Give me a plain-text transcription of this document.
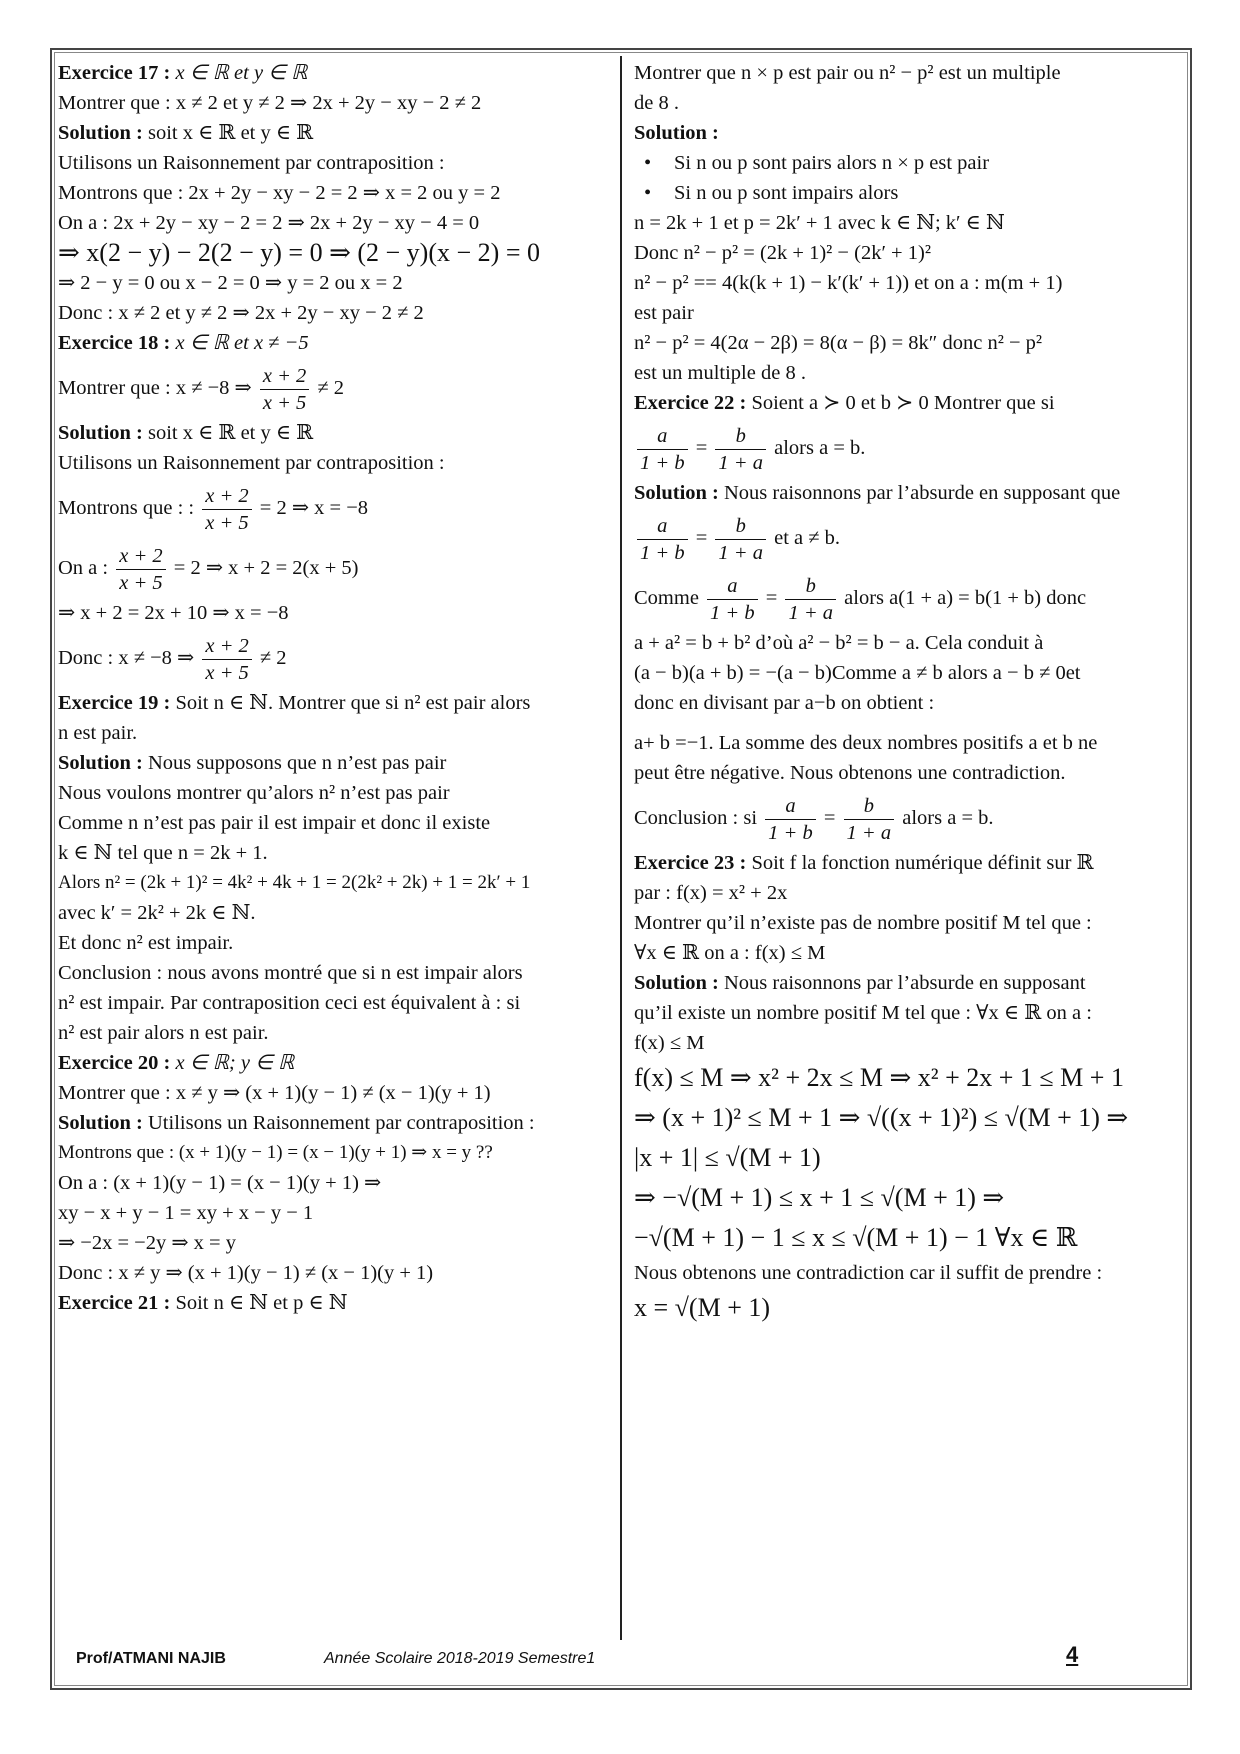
Exercice 17 : x ∈ ℝ et y ∈ ℝ
Montrer que : x ≠ 2 et y ≠ 2 ⇒ 2x + 2y − xy − 2 ≠ 2
Solution : soit x ∈ ℝ et y ∈ ℝ
Utilisons un Raisonnement par contraposition :
Montrons que : 2x + 2y − xy − 2 = 2 ⇒ x = 2 ou y = 2
On a : 2x + 2y − xy − 2 = 2 ⇒ 2x + 2y − xy − 4 = 0
⇒ x(2 − y) − 2(2 − y) = 0 ⇒ (2 − y)(x − 2) = 0
⇒ 2 − y = 0 ou x − 2 = 0 ⇒ y = 2 ou x = 2
Donc : x ≠ 2 et y ≠ 2 ⇒ 2x + 2y − xy − 2 ≠ 2
Exercice 18 : x ∈ ℝ et x ≠ −5
Montrer que : x ≠ −8 ⇒ $\frac{x + 2}{x + 5} \ne 2$
Solution : soit x ∈ ℝ et y ∈ ℝ
Utilisons un Raisonnement par contraposition :
Montrons que : : $\frac{x + 2}{x + 5} = 2$ ⇒ x = −8
On a : $\frac{x + 2}{x + 5} = 2$ ⇒ x + 2 = 2(x + 5)
⇒ x + 2 = 2x + 10 ⇒ x = −8
Donc : x ≠ −8 ⇒ $\frac{x + 2}{x + 5} \ne 2$
Exercice 19 : Soit n ∈ ℕ. Montrer que si n² est pair alors
n est pair.
Solution : Nous supposons que n n’est pas pair
Nous voulons montrer qu’alors n² n’est pas pair
Comme n n’est pas pair il est impair et donc il existe
k ∈ ℕ tel que n = 2k + 1.
Alors n² = (2k + 1)² = 4k² + 4k + 1 = 2(2k² + 2k) + 1 = 2k′ + 1
avec k′ = 2k² + 2k ∈ ℕ.
Et donc n² est impair.
Conclusion : nous avons montré que si n est impair alors
n² est impair. Par contraposition ceci est équivalent à : si
n² est pair alors n est pair.
Exercice 20 : x ∈ ℝ; y ∈ ℝ
Montrer que : x ≠ y ⇒ (x + 1)(y − 1) ≠ (x − 1)(y + 1)
Solution : Utilisons un Raisonnement par contraposition :
Montrons que : (x + 1)(y − 1) = (x − 1)(y + 1) ⇒ x = y ??
On a : (x + 1)(y − 1) = (x − 1)(y + 1) ⇒
xy − x + y − 1 = xy + x − y − 1
⇒ −2x = −2y ⇒ x = y
Donc : x ≠ y ⇒ (x + 1)(y − 1) ≠ (x − 1)(y + 1)
Exercice 21 : Soit n ∈ ℕ et p ∈ ℕ
Montrer que n × p est pair ou n² − p² est un multiple
de 8 .
Solution :
• Si n ou p sont pairs alors n × p est pair
• Si n ou p sont impairs alors
n = 2k + 1 et p = 2k′ + 1 avec k ∈ ℕ; k′ ∈ ℕ
Donc n² − p² = (2k + 1)² − (2k′ + 1)²
n² − p² == 4(k(k + 1) − k′(k′ + 1)) et on a : m(m + 1)
est pair
n² − p² = 4(2α − 2β) = 8(α − β) = 8k″ donc n² − p²
est un multiple de 8 .
Exercice 22 : Soient a ≻ 0 et b ≻ 0 Montrer que si
$\frac{a}{1 + b} = \frac{b}{1 + a}$ alors a = b.
Solution : Nous raisonnons par l’absurde en supposant que
$\frac{a}{1 + b} = \frac{b}{1 + a}$ et a ≠ b.
Comme $\frac{a}{1 + b} = \frac{b}{1 + a}$ alors a(1 + a) = b(1 + b) donc
a + a² = b + b² d’où a² − b² = b − a. Cela conduit à
(a − b)(a + b) = −(a − b)Comme a ≠ b alors a − b ≠ 0et
donc en divisant par a−b on obtient :
a+ b =−1. La somme des deux nombres positifs a et b ne
peut être négative. Nous obtenons une contradiction.
Conclusion : si $\frac{a}{1 + b} = \frac{b}{1 + a}$ alors a = b.
Exercice 23 : Soit f la fonction numérique définit sur ℝ
par : f(x) = x² + 2x
Montrer qu’il n’existe pas de nombre positif M tel que :
∀x ∈ ℝ on a : f(x) ≤ M
Solution : Nous raisonnons par l’absurde en supposant
qu’il existe un nombre positif M tel que : ∀x ∈ ℝ on a :
f(x) ≤ M
f(x) ≤ M ⇒ x² + 2x ≤ M ⇒ x² + 2x + 1 ≤ M + 1
⇒ (x + 1)² ≤ M + 1 ⇒ √((x + 1)²) ≤ √(M + 1) ⇒
|x + 1| ≤ √(M + 1)
⇒ −√(M + 1) ≤ x + 1 ≤ √(M + 1) ⇒
−√(M + 1) − 1 ≤ x ≤ √(M + 1) − 1 ∀x ∈ ℝ
Nous obtenons une contradiction car il suffit de prendre :
x = √(M + 1)
Prof/ATMANI NAJIB	Année Scolaire 2018-2019 Semestre1	4
